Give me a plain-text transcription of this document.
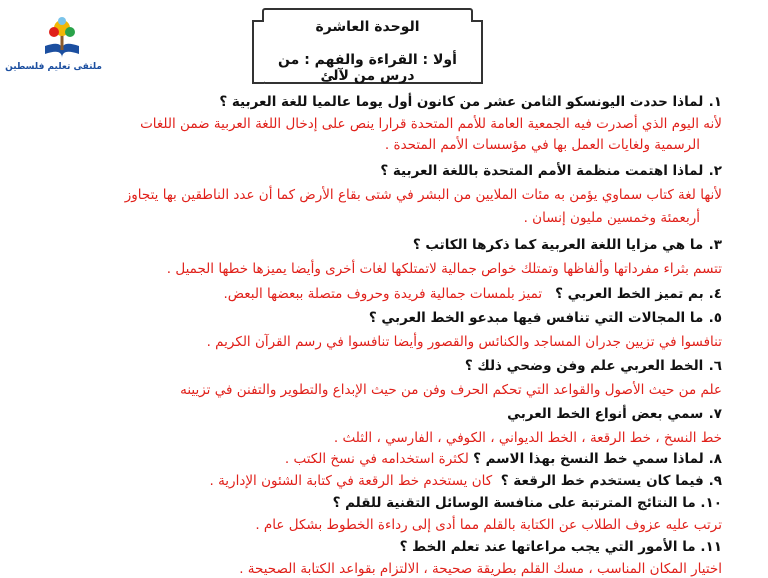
الوحدة العاشرة
أولا : القراءة والفهم : من درس من لآلئ
ملتقى تعليم فلسطين
١. لماذا حددت اليونسكو الثامن عشر من كانون أول يوما عالميا للغة العربية ؟
لأنه اليوم الذي أصدرت فيه الجمعية العامة للأمم المتحدة قرارا ينص على إدخال اللغة العربية ضمن اللغات
الرسمية ولغايات العمل بها في مؤسسات الأمم المتحدة .
٢. لماذا اهتمت منظمة الأمم المتحدة باللغة العربية ؟
لأنها لغة كتاب سماوي يؤمن به مئات الملايين من البشر في شتى بقاع الأرض كما أن عدد الناطقين بها يتجاوز
أربعمئة وخمسين مليون إنسان .
٣. ما هي مزايا اللغة العربية كما ذكرها الكاتب ؟
تتسم بثراء مفرداتها وألفاظها وتمتلك خواص جمالية لاتمتلكها لغات أخرى وأيضا يميزها خطها الجميل .
٤. بم تميز الخط العربي ؟   تميز بلمسات جمالية فريدة وحروف متصلة ببعضها البعض.
٥. ما المجالات التي تنافس فيها مبدعو الخط العربي ؟
تنافسوا في تزيين جدران المساجد والكنائس والقصور وأيضا تنافسوا في رسم القرآن الكريم .
٦. الخط العربي علم وفن وضحي ذلك ؟
علم من حيث الأصول والقواعد التي تحكم الحرف وفن من حيث الإبداع والتطوير والتفنن في تزيينه
٧. سمي بعض أنواع الخط العربي
خط النسخ ، خط الرقعة ، الخط الديواني ، الكوفي ، الفارسي ، الثلث .
٨. لماذا سمي خط النسخ بهذا الاسم ؟ لكثرة استخدامه في نسخ الكتب .
٩. فيما كان يستخدم خط الرقعة ؟  كان يستخدم خط الرقعة في كتابة الشئون الإدارية .
١٠. ما النتائج المترتبة على منافسة الوسائل التقنية للقلم ؟
ترتب عليه عزوف الطلاب عن الكتابة بالقلم مما أدى إلى رداءة الخطوط بشكل عام .
١١. ما الأمور التي يجب مراعاتها عند تعلم الخط ؟
اختيار المكان المناسب ، مسك القلم بطريقة صحيحة ، الالتزام بقواعد الكتابة الصحيحة .
